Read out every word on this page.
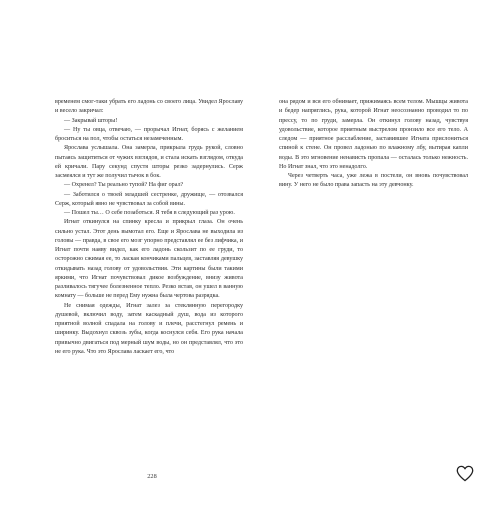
временем смог-таки убрать его ладонь со своего лица. Увидел Ярославу и весело закричал:

— Закрывай шторы!

— Ну ты овца, отвечаю, — прорычал Игнат, борясь с желанием броситься на пол, чтобы остаться незамеченным.

Ярослава услышала. Она замерла, прикрыла грудь рукой, словно пытаясь защититься от чужих взглядов, и стала искать взглядом, откуда ей кричали. Пару секунд спустя шторы резко задернулись. Серж засмеялся и тут же получил тычок в бок.

— Охренел? Ты реально тупой? На фиг орал?

— Заботился о твоей младшей сестренке, дружище, — отозвался Серж, который явно не чувствовал за собой вины.

— Пошел ты… О себе позаботься. Я тебя в следующий раз урою.

Игнат откинулся на спинку кресла и прикрыл глаза. Он очень сильно устал. Этот день вымотал его. Еще и Ярослава не выходила из головы — правда, в свое его мозг упорно представлял ее без лифчика, и Игнат почти наяву видел, как его ладонь скользит по ее груди, то осторожно сжимая ее, то лаская кончиками пальцев, заставляя девушку откидывать назад голову от удовольствия. Эти картины были такими яркими, что Игнат почувствовал дикое возбуждение, внизу живота разливалось тягучее болезненное тепло. Резко встав, он ушел в ванную комнату — больше не перед Ему нужна была чертова разрядка.

Не снимая одежды, Игнат залез за стеклянную перегородку душевой, включил воду, затем каскадный душ, вода из которого приятной волной спадала на голову и плечи, расстегнул ремень и ширинку. Выдохнул сквозь зубы, когда коснулся себя. Его рука начала привычно двигаться под мерный шум воды, но он представлял, что это не его рука. Что это Ярослава ласкает его, что

228

она рядом и вся его обнимает, прижимаясь всем телом. Мышцы живота и бедер напряглись, рука, которой Игнат неосознанно проводил то по прессу, то по груди, замерла. Он откинул голову назад, чувствуя удовольствие, которое приятным выстрелом пронзило все его тело. А следом — приятное расслабление, заставившее Игната прислониться спиной к стене. Он провел ладонью по влажному лбу, вытирая капли воды. В это мгновение ненависть пропала — осталась только нежность. Но Игнат знал, что это ненадолго.

Через четверть часа, уже лежа в постели, он вновь почувствовал вину. У него не было права запасть на эту девчонку.
